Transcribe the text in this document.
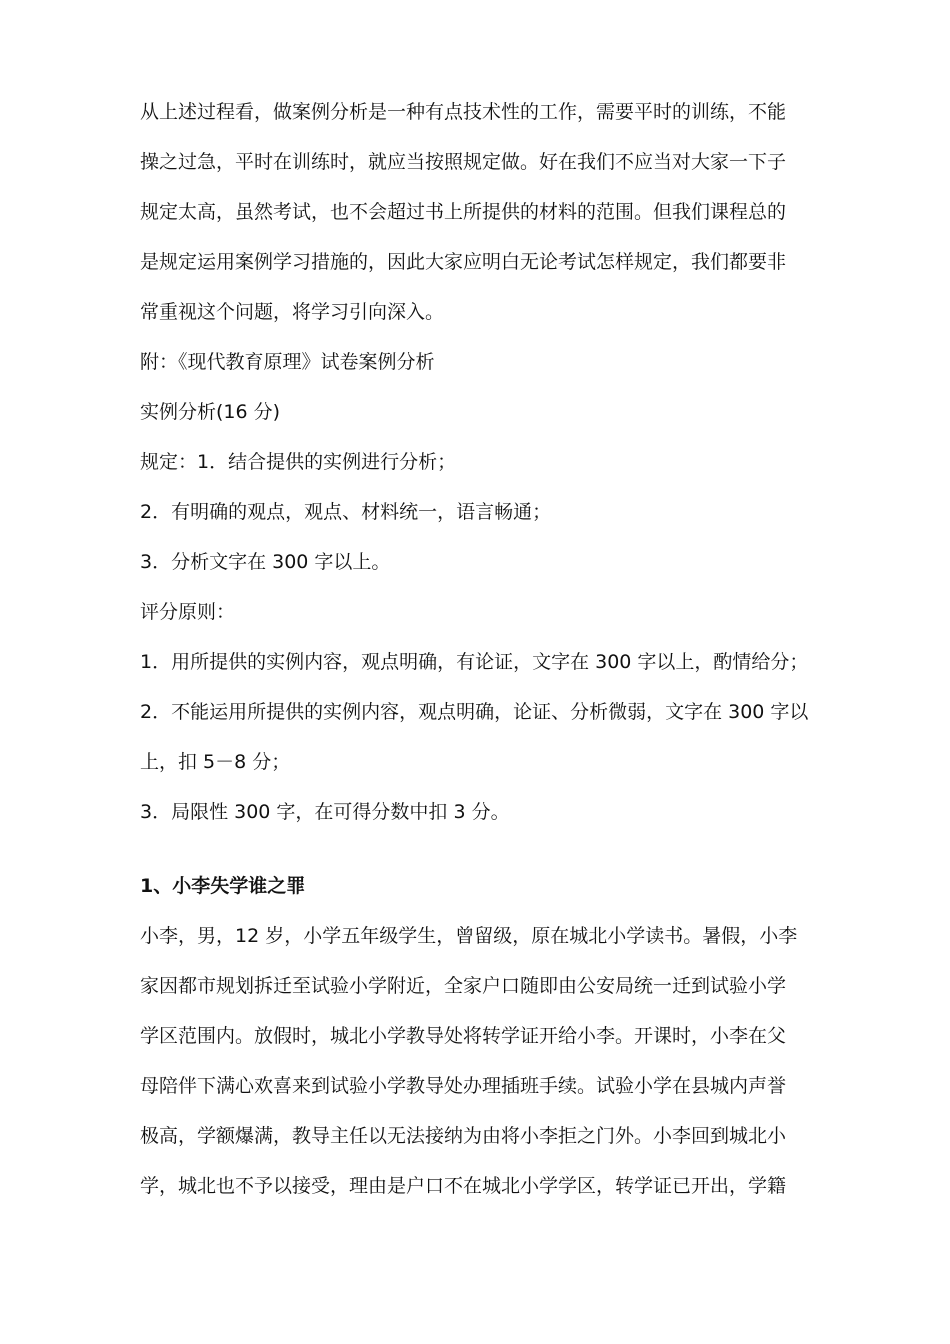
从上述过程看，做案例分析是一种有点技术性的工作，需要平时的训练，不能

操之过急，平时在训练时，就应当按照规定做。好在我们不应当对大家一下子

规定太高，虽然考试，也不会超过书上所提供的材料的范围。但我们课程总的

是规定运用案例学习措施的，因此大家应明白无论考试怎样规定，我们都要非

常重视这个问题，将学习引向深入。

附：《现代教育原理》试卷案例分析

实例分析(16 分)

规定：1．结合提供的实例进行分析；

2．有明确的观点，观点、材料统一，语言畅通；

3．分析文字在 300 字以上。

评分原则：

1．用所提供的实例内容，观点明确，有论证，文字在 300 字以上，酌情给分；

2．不能运用所提供的实例内容，观点明确，论证、分析微弱，文字在 300 字以

上，扣 5－8 分；

3．局限性 300 字，在可得分数中扣 3 分。

1、小李失学谁之罪

小李，男，12 岁，小学五年级学生，曾留级，原在城北小学读书。暑假，小李

家因都市规划拆迁至试验小学附近，全家户口随即由公安局统一迁到试验小学

学区范围内。放假时，城北小学教导处将转学证开给小李。开课时，小李在父

母陪伴下满心欢喜来到试验小学教导处办理插班手续。试验小学在县城内声誉

极高，学额爆满，教导主任以无法接纳为由将小李拒之门外。小李回到城北小

学，城北也不予以接受，理由是户口不在城北小学学区，转学证已开出，学籍
